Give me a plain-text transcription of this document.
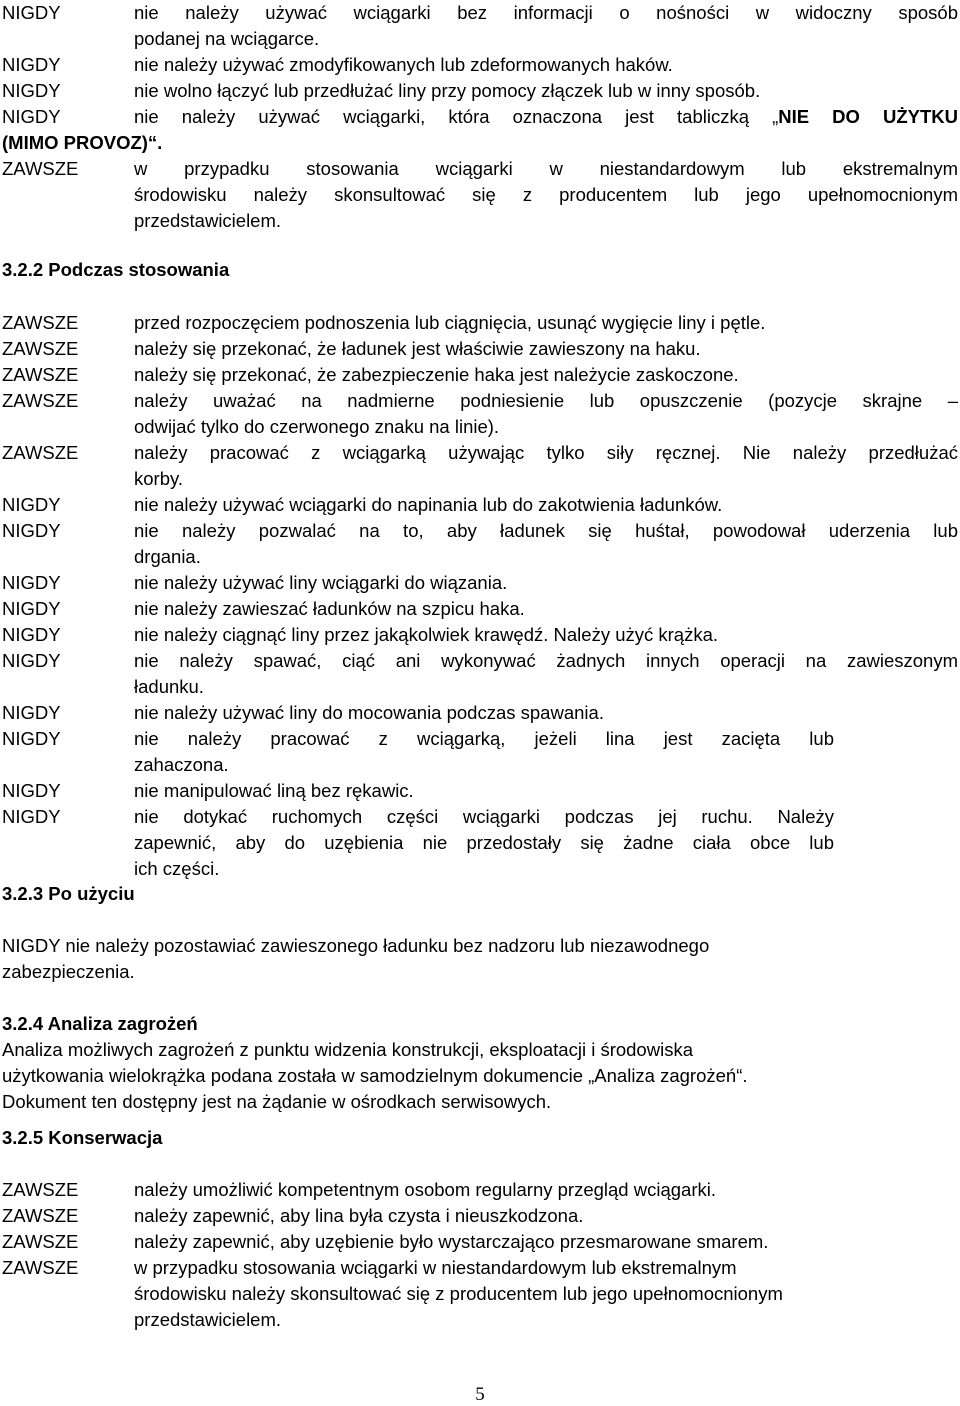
NIGDY	nie należy używać wciągarki bez informacji o nośności w widoczny sposób
podanej na wciągarce.
NIGDY	nie należy używać zmodyfikowanych lub zdeformowanych haków.
NIGDY	nie wolno łączyć lub przedłużać liny przy pomocy złączek lub w inny sposób.
NIGDY	nie należy używać wciągarki, która oznaczona jest tabliczką „NIE DO UŻYTKU
(MIMO PROVOZ)“.
ZAWSZE	w przypadku stosowania wciągarki w niestandardowym lub ekstremalnym
środowisku należy skonsultować się z producentem lub jego upełnomocnionym
przedstawicielem.
3.2.2 Podczas stosowania
ZAWSZE	przed rozpoczęciem podnoszenia lub ciągnięcia, usunąć wygięcie liny i pętle.
ZAWSZE	należy się przekonać, że ładunek jest właściwie zawieszony na haku.
ZAWSZE	należy się przekonać, że zabezpieczenie haka jest należycie zaskoczone.
ZAWSZE	należy uważać na nadmierne podniesienie lub opuszczenie (pozycje skrajne –
odwijać tylko do czerwonego znaku na linie).
ZAWSZE	należy pracować z wciągarką używając tylko siły ręcznej. Nie należy przedłużać
korby.
NIGDY	nie należy używać wciągarki do napinania lub do zakotwienia ładunków.
NIGDY	nie należy pozwalać na to, aby ładunek się huśtał, powodował uderzenia lub
drgania.
NIGDY	nie należy używać liny wciągarki do wiązania.
NIGDY	nie należy zawieszać ładunków na szpicu haka.
NIGDY	nie należy ciągnąć liny przez jakąkolwiek krawędź. Należy użyć krążka.
NIGDY	nie należy spawać, ciąć ani wykonywać żadnych innych operacji na zawieszonym
ładunku.
NIGDY	nie należy używać liny do mocowania podczas spawania.
NIGDY	nie należy pracować z wciągarką, jeżeli lina jest zacięta lub
zahaczona.
NIGDY	nie manipulować liną bez rękawic.
NIGDY	nie dotykać ruchomych części wciągarki podczas jej ruchu. Należy
zapewnić, aby do uzębienia nie przedostały się żadne ciała obce lub
ich części.
3.2.3 Po użyciu
NIGDY nie należy pozostawiać zawieszonego ładunku bez nadzoru lub niezawodnego
zabezpieczenia.
3.2.4 Analiza zagrożeń
Analiza możliwych zagrożeń z punktu widzenia konstrukcji, eksploatacji i środowiska
użytkowania wielokrążka podana została w samodzielnym dokumencie „Analiza zagrożeń“.
Dokument ten dostępny jest na żądanie w ośrodkach serwisowych.
3.2.5 Konserwacja
ZAWSZE	należy umożliwić kompetentnym osobom regularny przegląd wciągarki.
ZAWSZE	należy zapewnić, aby lina była czysta i nieuszkodzona.
ZAWSZE	należy zapewnić, aby uzębienie było wystarczająco przesmarowane smarem.
ZAWSZE	w przypadku stosowania wciągarki w niestandardowym lub ekstremalnym
środowisku należy skonsultować się z producentem lub jego upełnomocnionym
przedstawicielem.
5
